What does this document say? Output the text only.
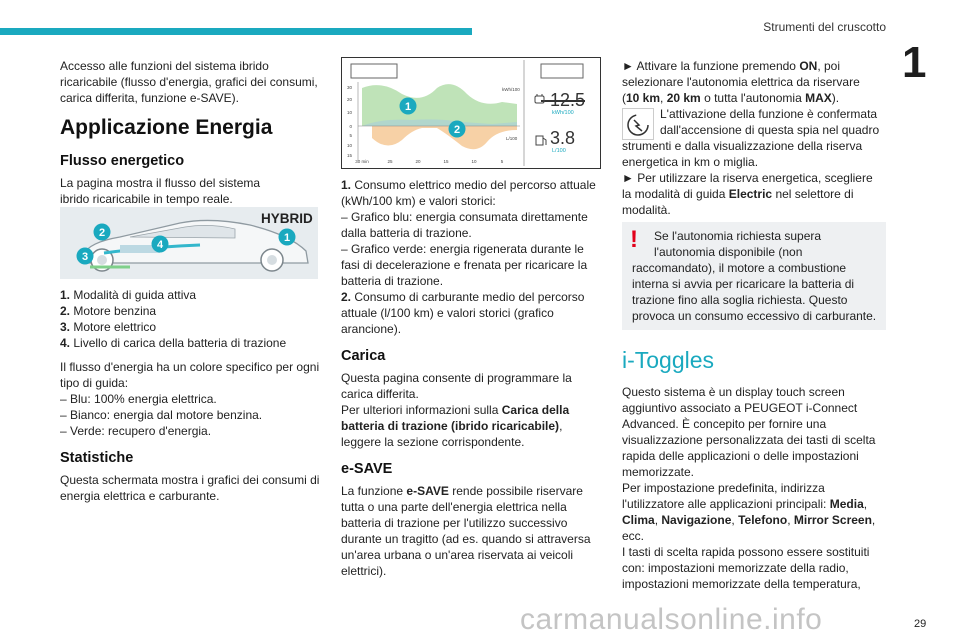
Strumenti del cruscotto
1

Accesso alle funzioni del sistema ibrido

ricaricabile (flusso d'energia, grafici dei consumi,

carica differita, funzione e-SAVE).

Applicazione Energia
Flusso energetico

La pagina mostra il flusso del sistema

ibrido ricaricabile in tempo reale.

HYBRID
1
2
3
4
1. Modalità di guida attiva
2. Motore benzina
3. Motore elettrico
4. Livello di carica della batteria di trazione

Il flusso d'energia ha un colore specifico per ogni

tipo di guida:

– Blu: 100% energia elettrica.

– Bianco: energia dal motore benzina.

– Verde: recupero d'energia.

Statistiche

Questa schermata mostra i grafici dei consumi di

energia elettrica e carburante.

30
20
10
0
5
10
15
30 min	25	20	15	10	5
kWh/100
L/100
1
2
12.5
kWh/100
3.8
L/100
1. Consumo elettrico medio del percorso attuale

(kWh/100 km) e valori storici:

– Grafico blu: energia consumata direttamente

dalla batteria di trazione.

– Grafico verde: energia rigenerata durante le

fasi di decelerazione e frenata per ricaricare la

batteria di trazione.

2. Consumo di carburante medio del percorso

attuale (l/100 km) e valori storici (grafico

arancione).

Carica

Questa pagina consente di programmare la

carica differita.

Per ulteriori informazioni sulla Carica della
batteria di trazione (ibrido ricaricabile),

leggere la sezione corrispondente.

e-SAVE
La funzione e-SAVE rende possibile riservare

tutta o una parte dell'energia elettrica nella

batteria di trazione per l'utilizzo successivo

durante un tragitto (ad es. quando si attraversa

un'area urbana o un'area riservata ai veicoli

elettrici).

► Attivare la funzione premendo ON, poi

selezionare l'autonomia elettrica da riservare

(10 km, 20 km o tutta l'autonomia MAX).

L'attivazione della funzione è confermata

dall'accensione di questa spia nel quadro

strumenti e dalla visualizzazione della riserva

energetica in km o miglia.

► Per utilizzare la riserva energetica, scegliere

la modalità di guida Electric nel selettore di

modalità.

! Se l'autonomia richiesta supera

l'autonomia disponibile (non

raccomandato), il motore a combustione

interna si avvia per ricaricare la batteria di

trazione fino alla soglia richiesta. Questo

provoca un consumo eccessivo di carburante.

i-Toggles

Questo sistema è un display touch screen

aggiuntivo associato a PEUGEOT i-Connect

Advanced. È concepito per fornire una

visualizzazione personalizzata dei tasti di scelta

rapida delle applicazioni o delle impostazioni

memorizzate.

Per impostazione predefinita, indirizza

l'utilizzatore alle applicazioni principali: Media,
Clima, Navigazione, Telefono, Mirror Screen,

ecc.

I tasti di scelta rapida possono essere sostituiti

con: impostazioni memorizzate della radio,

impostazioni memorizzate della temperatura,

carmanualsonline.info	29
